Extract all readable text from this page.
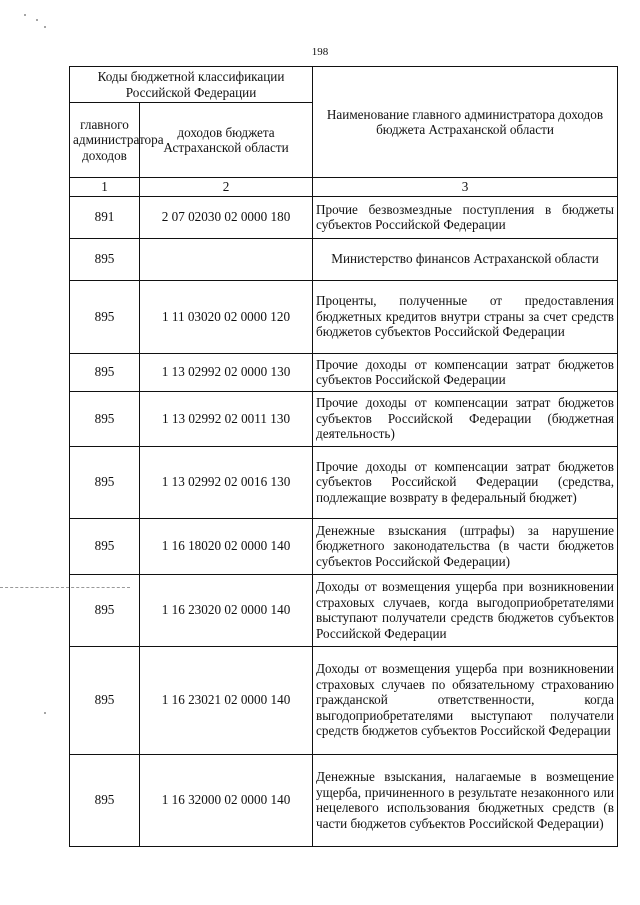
198
Коды бюджетной классификации Российской Федерации		Наименование главного администратора доходов бюджета Астраханской области
главного администратора доходов	доходов бюджета Астраханской области	
1	2	3
891	2 07 02030 02 0000 180	Прочие безвозмездные поступления в бюджеты субъектов Российской Федерации
895		Министерство финансов Астраханской области
895	1 11 03020 02 0000 120	Проценты, полученные от предоставления бюджетных кредитов внутри страны за счет средств бюджетов субъектов Российской Федерации
895	1 13 02992 02 0000 130	Прочие доходы от компенсации затрат бюджетов субъектов Российской Федерации
895	1 13 02992 02 0011 130	Прочие доходы от компенсации затрат бюджетов субъектов Российской Федерации (бюджетная деятельность)
895	1 13 02992 02 0016 130	Прочие доходы от компенсации затрат бюджетов субъектов Российской Федерации (средства, подлежащие возврату в федеральный бюджет)
895	1 16 18020 02 0000 140	Денежные взыскания (штрафы) за нарушение бюджетного законодательства (в части бюджетов субъектов Российской Федерации)
895	1 16 23020 02 0000 140	Доходы от возмещения ущерба при возникновении страховых случаев, когда выгодоприобретателями выступают получатели средств бюджетов субъектов Российской Федерации
895	1 16 23021 02 0000 140	Доходы от возмещения ущерба при возникновении страховых случаев по обязательному страхованию гражданской ответственности, когда выгодоприобретателями выступают получатели средств бюджетов субъектов Российской Федерации
895	1 16 32000 02 0000 140	Денежные взыскания, налагаемые в возмещение ущерба, причиненного в результате незаконного или нецелевого использования бюджетных средств (в части бюджетов субъектов Российской Федерации)
